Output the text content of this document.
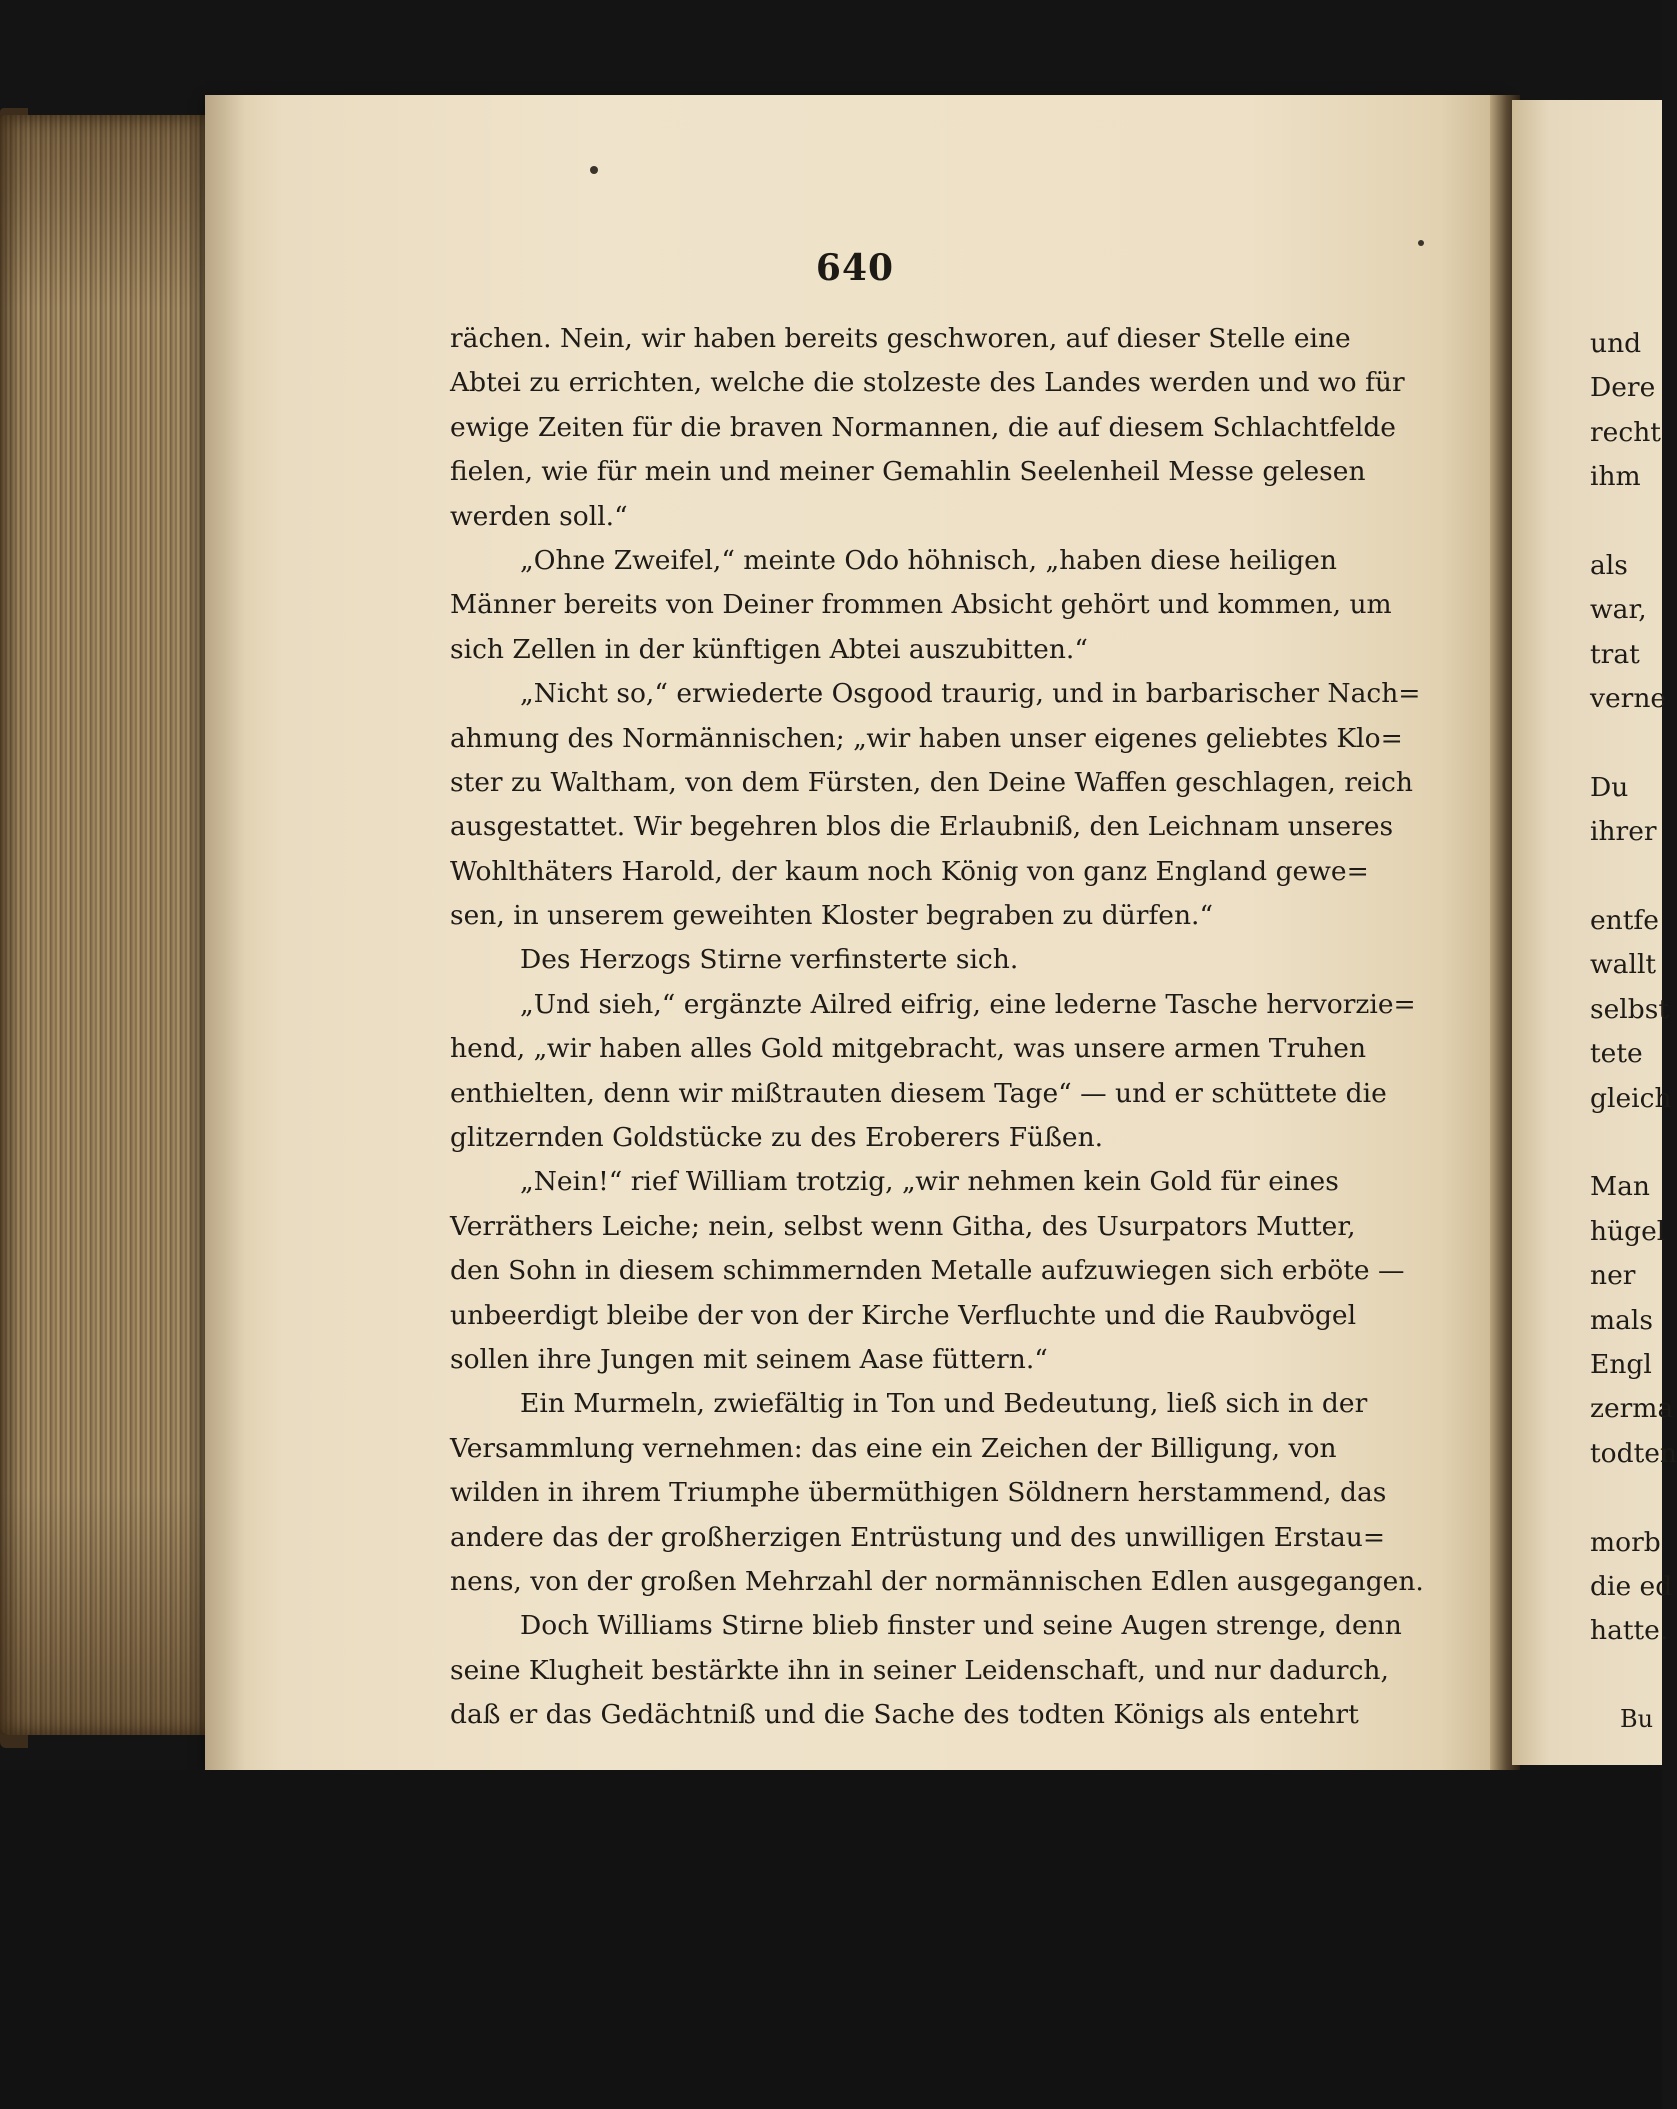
640
rächen. Nein, wir haben bereits geschworen, auf dieser Stelle eine
Abtei zu errichten, welche die stolzeste des Landes werden und wo für
ewige Zeiten für die braven Normannen, die auf diesem Schlachtfelde
fielen, wie für mein und meiner Gemahlin Seelenheil Messe gelesen
werden soll.“
„Ohne Zweifel,“ meinte Odo höhnisch, „haben diese heiligen
Männer bereits von Deiner frommen Absicht gehört und kommen, um
sich Zellen in der künftigen Abtei auszubitten.“
„Nicht so,“ erwiederte Osgood traurig, und in barbarischer Nach=
ahmung des Normännischen; „wir haben unser eigenes geliebtes Klo=
ster zu Waltham, von dem Fürsten, den Deine Waffen geschlagen, reich
ausgestattet. Wir begehren blos die Erlaubniß, den Leichnam unseres
Wohlthäters Harold, der kaum noch König von ganz England gewe=
sen, in unserem geweihten Kloster begraben zu dürfen.“
Des Herzogs Stirne verfinsterte sich.
„Und sieh,“ ergänzte Ailred eifrig, eine lederne Tasche hervorzie=
hend, „wir haben alles Gold mitgebracht, was unsere armen Truhen
enthielten, denn wir mißtrauten diesem Tage“ — und er schüttete die
glitzernden Goldstücke zu des Eroberers Füßen.
„Nein!“ rief William trotzig, „wir nehmen kein Gold für eines
Verräthers Leiche; nein, selbst wenn Githa, des Usurpators Mutter,
den Sohn in diesem schimmernden Metalle aufzuwiegen sich erböte —
unbeerdigt bleibe der von der Kirche Verfluchte und die Raubvögel
sollen ihre Jungen mit seinem Aase füttern.“
Ein Murmeln, zwiefältig in Ton und Bedeutung, ließ sich in der
Versammlung vernehmen: das eine ein Zeichen der Billigung, von
wilden in ihrem Triumphe übermüthigen Söldnern herstammend, das
andere das der großherzigen Entrüstung und des unwilligen Erstau=
nens, von der großen Mehrzahl der normännischen Edlen ausgegangen.
Doch Williams Stirne blieb finster und seine Augen strenge, denn
seine Klugheit bestärkte ihn in seiner Leidenschaft, und nur dadurch,
daß er das Gedächtniß und die Sache des todten Königs als entehrt
und
Dere
recht
ihm
als
war,
trat
verne
Du
ihrer
entfe
wallt
selbst
tete
gleich
Man
hügel
ner
mals
Engl
zerma
todten
morb
die ed
hatte.
Bu
